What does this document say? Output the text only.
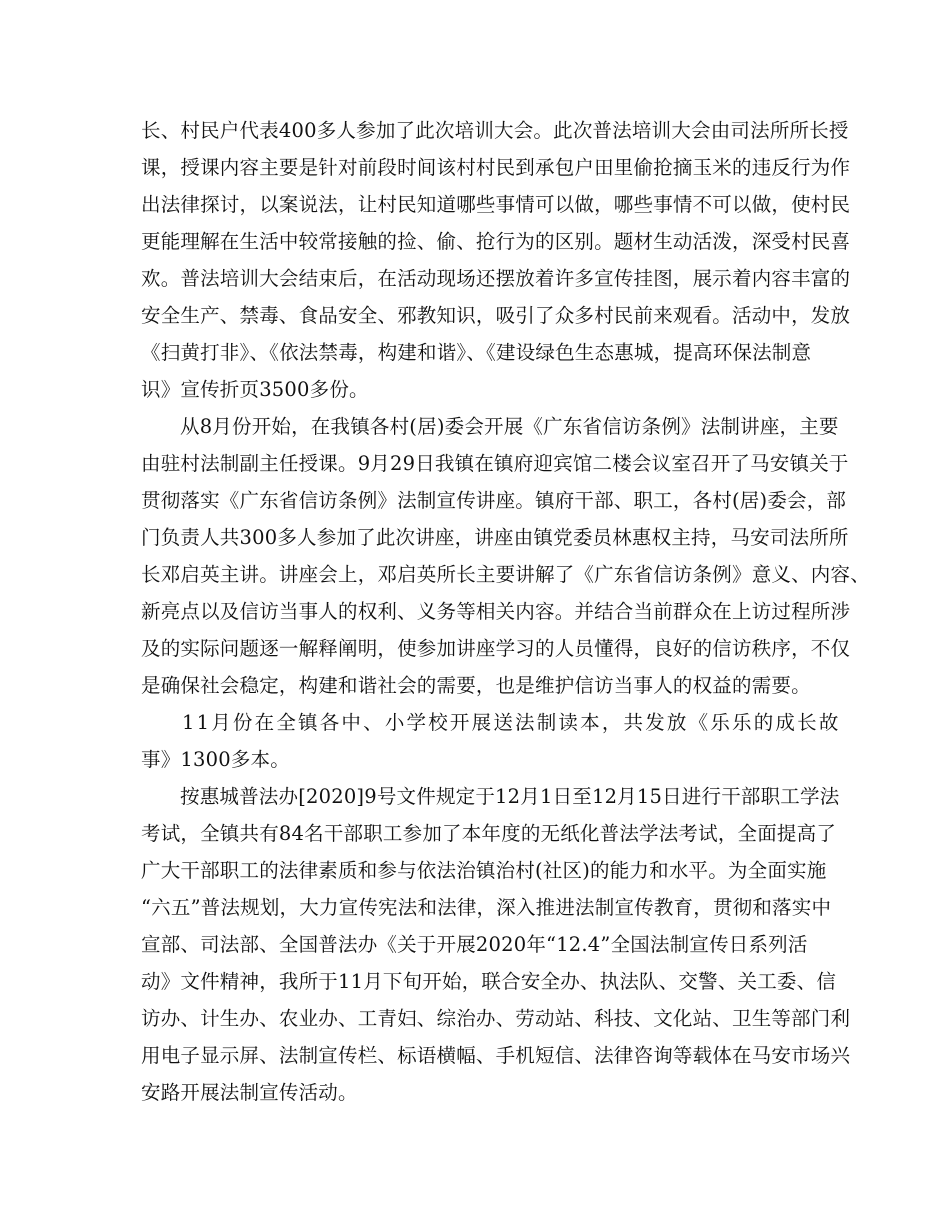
长、村民户代表400多人参加了此次培训大会。此次普法培训大会由司法所所长授
课，授课内容主要是针对前段时间该村村民到承包户田里偷抢摘玉米的违反行为作
出法律探讨，以案说法，让村民知道哪些事情可以做，哪些事情不可以做，使村民
更能理解在生活中较常接触的捡、偷、抢行为的区别。题材生动活泼，深受村民喜
欢。普法培训大会结束后，在活动现场还摆放着许多宣传挂图，展示着内容丰富的
安全生产、禁毒、食品安全、邪教知识，吸引了众多村民前来观看。活动中，发放
《扫黄打非》、《依法禁毒，构建和谐》、《建设绿色生态惠城，提高环保法制意
识》宣传折页3500多份。
从8月份开始，在我镇各村(居)委会开展《广东省信访条例》法制讲座，主要
由驻村法制副主任授课。9月29日我镇在镇府迎宾馆二楼会议室召开了马安镇关于
贯彻落实《广东省信访条例》法制宣传讲座。镇府干部、职工，各村(居)委会，部
门负责人共300多人参加了此次讲座，讲座由镇党委员林惠权主持，马安司法所所
长邓启英主讲。讲座会上，邓启英所长主要讲解了《广东省信访条例》意义、内容、
新亮点以及信访当事人的权利、义务等相关内容。并结合当前群众在上访过程所涉
及的实际问题逐一解释阐明，使参加讲座学习的人员懂得，良好的信访秩序，不仅
是确保社会稳定，构建和谐社会的需要，也是维护信访当事人的权益的需要。
11月份在全镇各中、小学校开展送法制读本，共发放《乐乐的成长故
事》1300多本。
按惠城普法办[2020]9号文件规定于12月1日至12月15日进行干部职工学法
考试，全镇共有84名干部职工参加了本年度的无纸化普法学法考试，全面提高了
广大干部职工的法律素质和参与依法治镇治村(社区)的能力和水平。为全面实施
“六五”普法规划，大力宣传宪法和法律，深入推进法制宣传教育，贯彻和落实中
宣部、司法部、全国普法办《关于开展2020年“12.4”全国法制宣传日系列活
动》文件精神，我所于11月下旬开始，联合安全办、执法队、交警、关工委、信
访办、计生办、农业办、工青妇、综治办、劳动站、科技、文化站、卫生等部门利
用电子显示屏、法制宣传栏、标语横幅、手机短信、法律咨询等载体在马安市场兴
安路开展法制宣传活动。
